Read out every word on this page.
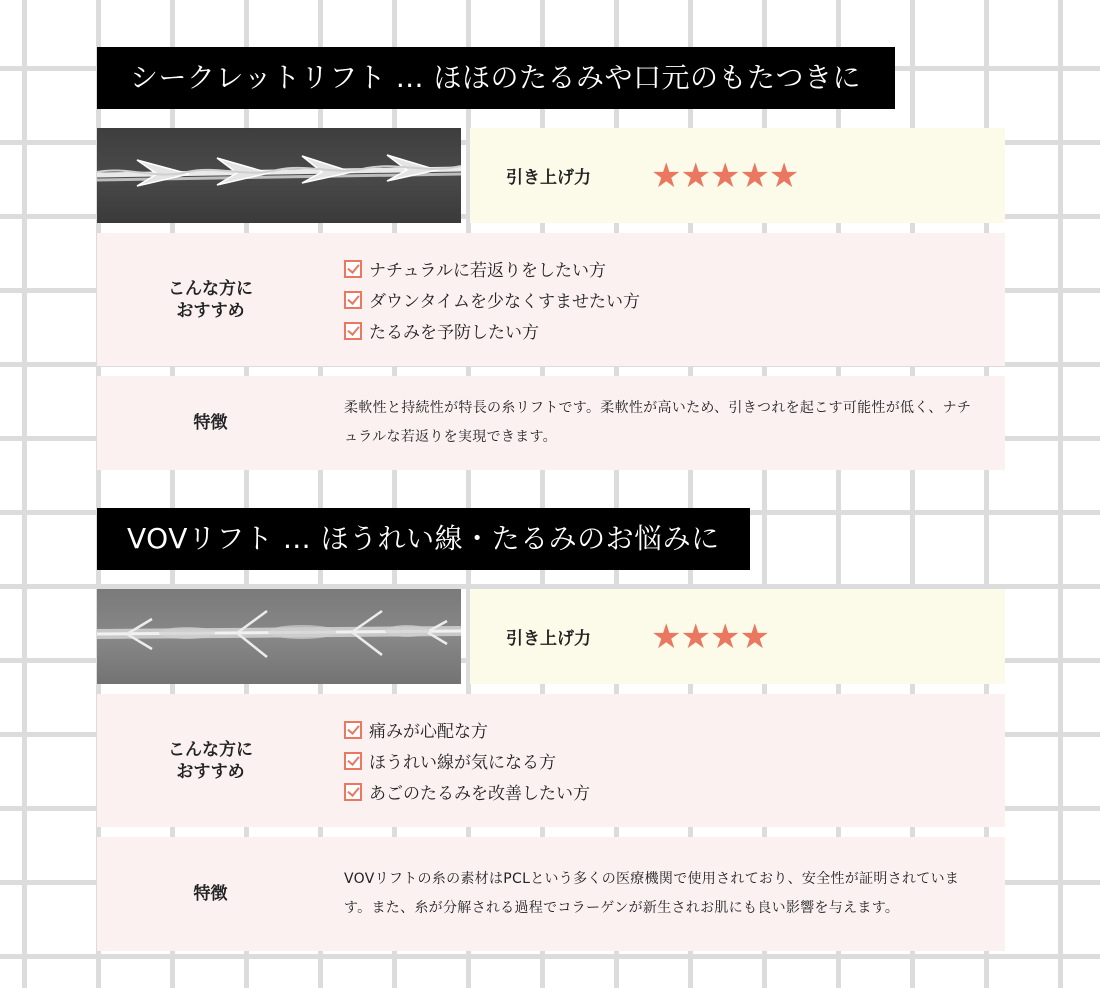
シークレットリフト … ほほのたるみや口元のもたつきに
引き上げ力	★★★★★
こんな方に
おすすめ
ナチュラルに若返りをしたい方
ダウンタイムを少なくすませたい方
たるみを予防したい方
特徴
柔軟性と持続性が特長の糸リフトです。柔軟性が高いため、引きつれを起こす可能性が低く、ナチュラルな若返りを実現できます。
VOVリフト … ほうれい線・たるみのお悩みに
引き上げ力	★★★★
こんな方に
おすすめ
痛みが心配な方
ほうれい線が気になる方
あごのたるみを改善したい方
特徴
VOVリフトの糸の素材はPCLという多くの医療機関で使用されており、安全性が証明されています。また、糸が分解される過程でコラーゲンが新生されお肌にも良い影響を与えます。
